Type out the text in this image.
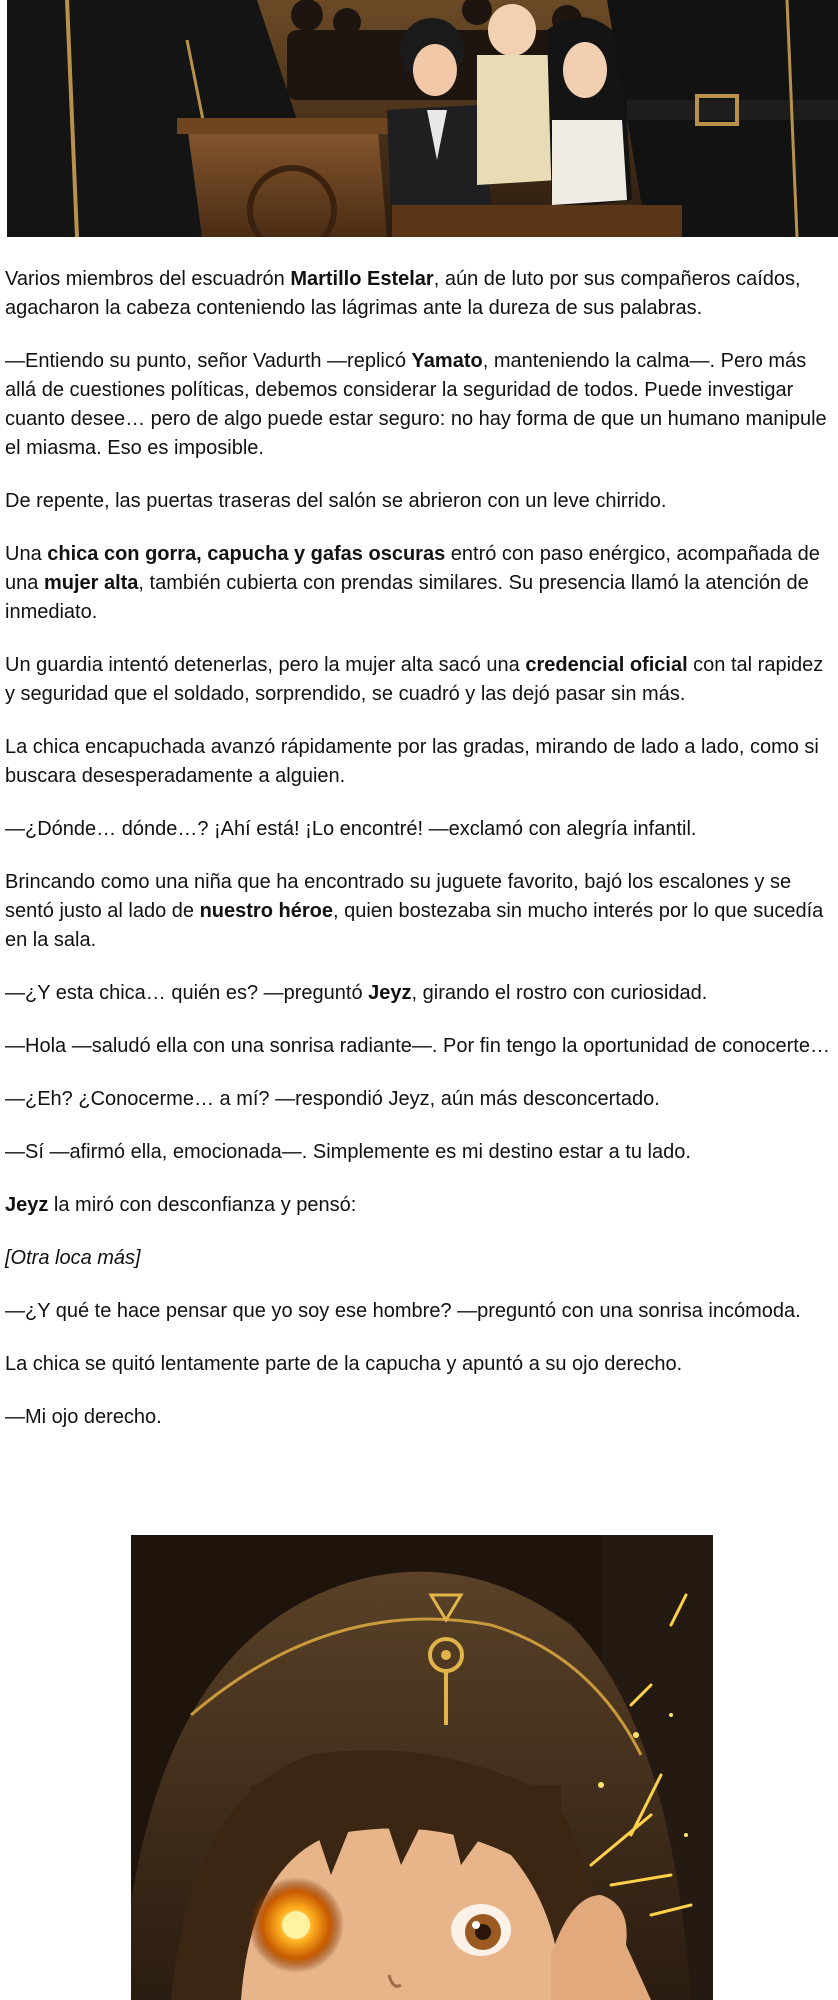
Varios miembros del escuadrón Martillo Estelar, aún de luto por sus compañeros caídos, agacharon la cabeza conteniendo las lágrimas ante la dureza de sus palabras.

—Entiendo su punto, señor Vadurth —replicó Yamato, manteniendo la calma—. Pero más allá de cuestiones políticas, debemos considerar la seguridad de todos. Puede investigar cuanto desee… pero de algo puede estar seguro: no hay forma de que un humano manipule el miasma. Eso es imposible.

De repente, las puertas traseras del salón se abrieron con un leve chirrido.

Una chica con gorra, capucha y gafas oscuras entró con paso enérgico, acompañada de una mujer alta, también cubierta con prendas similares. Su presencia llamó la atención de inmediato.

Un guardia intentó detenerlas, pero la mujer alta sacó una credencial oficial con tal rapidez y seguridad que el soldado, sorprendido, se cuadró y las dejó pasar sin más.

La chica encapuchada avanzó rápidamente por las gradas, mirando de lado a lado, como si buscara desesperadamente a alguien.

—¿Dónde… dónde…? ¡Ahí está! ¡Lo encontré! —exclamó con alegría infantil.

Brincando como una niña que ha encontrado su juguete favorito, bajó los escalones y se sentó justo al lado de nuestro héroe, quien bostezaba sin mucho interés por lo que sucedía en la sala.

—¿Y esta chica… quién es? —preguntó Jeyz, girando el rostro con curiosidad.

—Hola —saludó ella con una sonrisa radiante—. Por fin tengo la oportunidad de conocerte…

—¿Eh? ¿Conocerme… a mí? —respondió Jeyz, aún más desconcertado.

—Sí —afirmó ella, emocionada—. Simplemente es mi destino estar a tu lado.

Jeyz la miró con desconfianza y pensó:

[Otra loca más]

—¿Y qué te hace pensar que yo soy ese hombre? —preguntó con una sonrisa incómoda.

La chica se quitó lentamente parte de la capucha y apuntó a su ojo derecho.

—Mi ojo derecho.
